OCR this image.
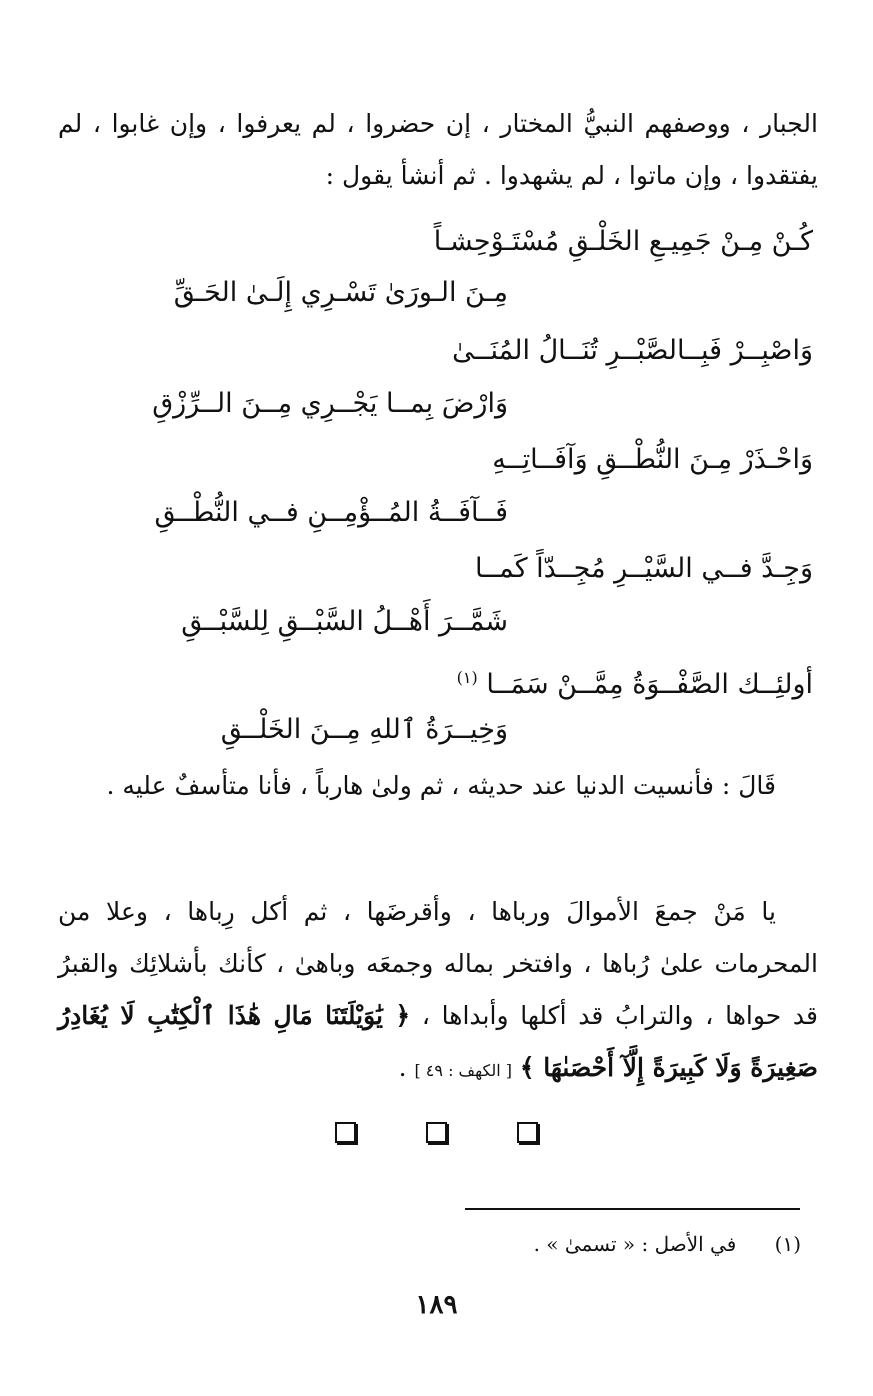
الجبار ، ووصفهم النبيُّ المختار ، إن حضروا ، لم يعرفوا ، وإن غابوا ، لم يفتقدوا ، وإن ماتوا ، لم يشهدوا . ثم أنشأ يقول :
كُـنْ مِـنْ جَمِيـعِ الخَلْـقِ مُسْتَـوْحِشـاً
مِـنَ الـورَىٰ تَسْـرِي إِلَـىٰ الحَـقِّ
وَاصْبِــرْ فَبِــالصَّبْــرِ تُنَــالُ المُنَــىٰ
وَارْضَ بِمــا يَجْــرِي مِــنَ الــرِّزْقِ
وَاحْـذَرْ مِـنَ النُّطْــقِ وَآفَــاتِــهِ
فَــآفَــةُ المُــؤْمِــنِ فــي النُّطْــقِ
وَجِـدَّ فــي السَّيْــرِ مُجِــدّاً كَمــا
شَمَّــرَ أَهْــلُ السَّبْــقِ لِلسَّبْــقِ
أولئِــك الصَّفْــوَةُ مِمَّــنْ سَمَــا $^{(١)}$
وَخِيــرَةُ ٱللهِ مِــنَ الخَلْــقِ
قَالَ : فأنسيت الدنيا عند حديثه ، ثم ولىٰ هارباً ، فأنا متأسفٌ عليه .
يا مَنْ جمعَ الأموالَ ورباها ، وأقرضَها ، ثم أكل رِباها ، وعلا من المحرمات علىٰ رُباها ، وافتخر بماله وجمعَه وباهىٰ ، كأنك بأشلائِك والقبرُ قد حواها ، والترابُ قد أكلها وأبداها ، ﴿ يَٰوَيْلَتَنَا مَالِ هَٰذَا ٱلْكِتَٰبِ لَا يُغَادِرُ صَغِيرَةً وَلَا كَبِيرَةً إِلَّآ أَحْصَىٰهَا ﴾ [ الكهف : ٤٩ ] .
(١) في الأصل : « تسمىٰ » .
١٨٩
